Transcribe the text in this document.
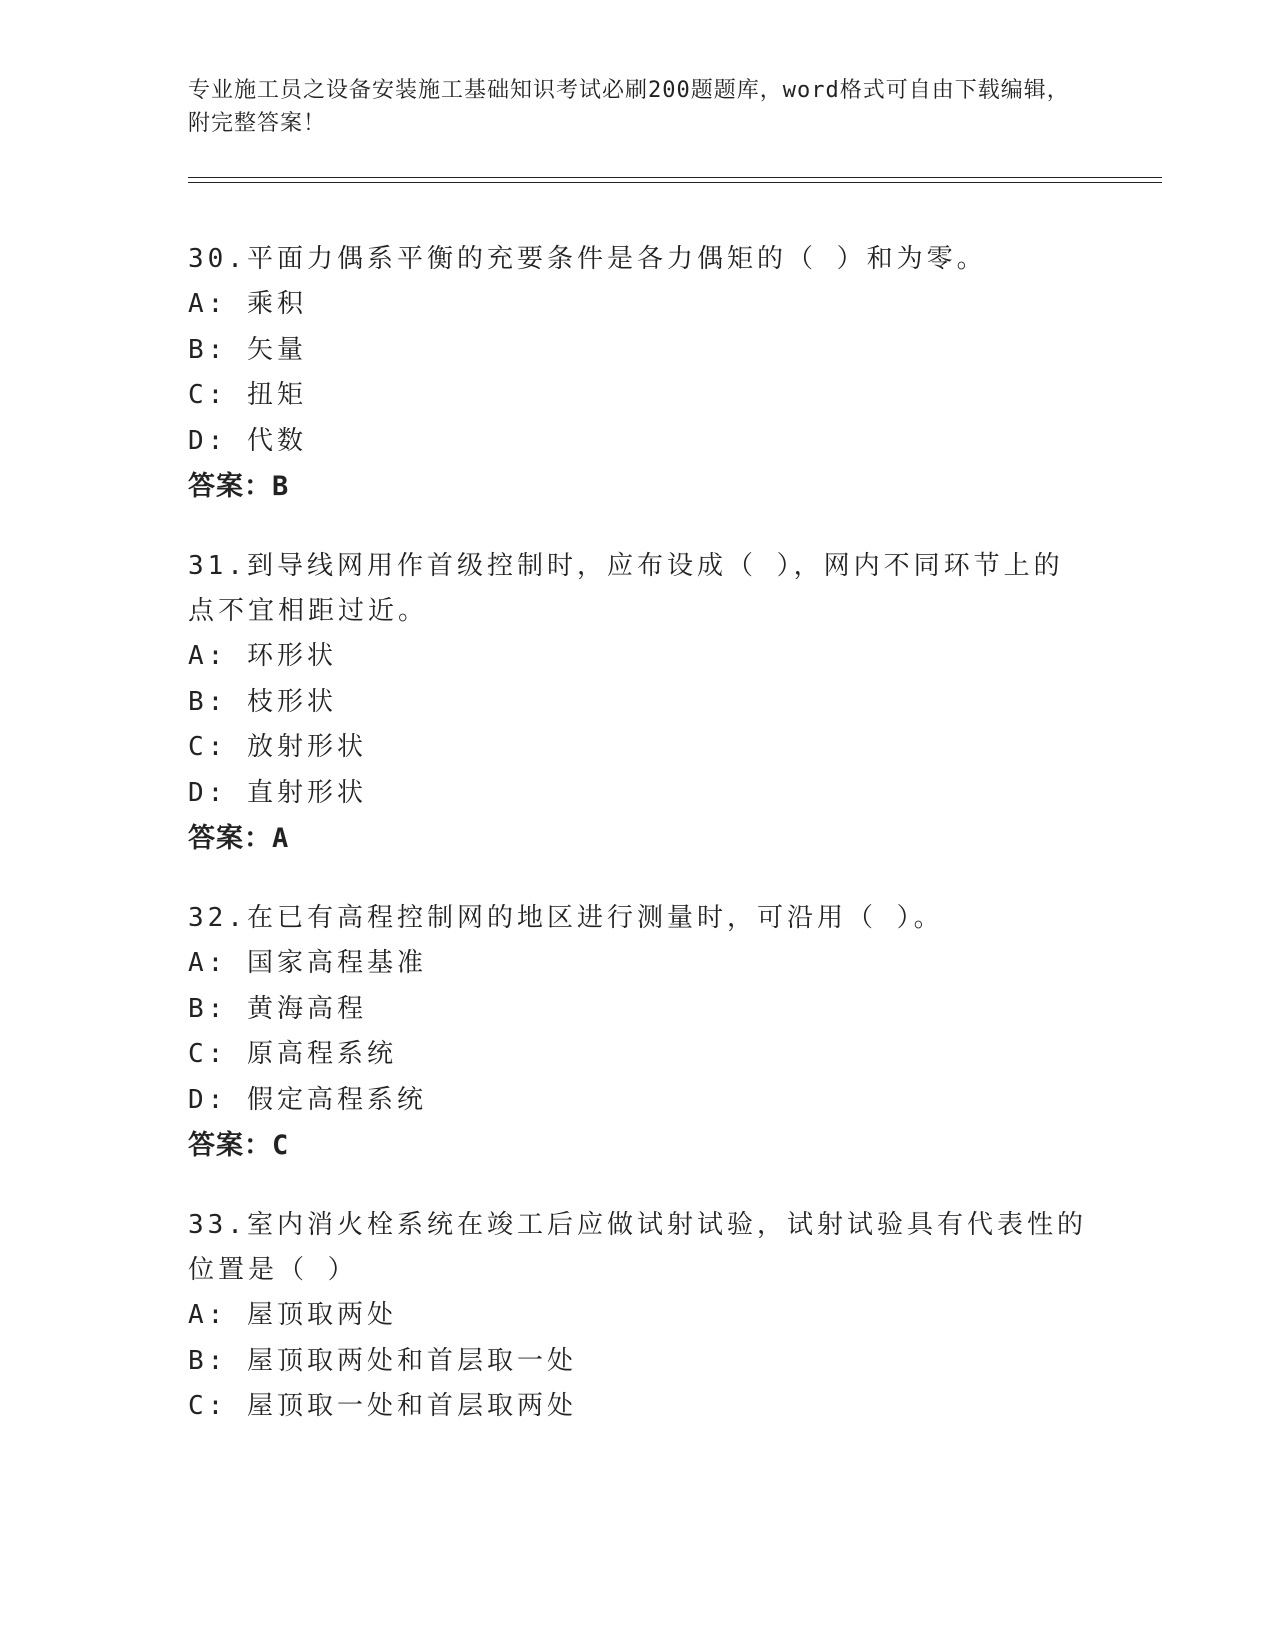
专业施工员之设备安装施工基础知识考试必刷200题题库，word格式可自由下载编辑，附完整答案！
30.平面力偶系平衡的充要条件是各力偶矩的（ ）和为零。
A: 乘积
B: 矢量
C: 扭矩
D: 代数
答案：B
31.到导线网用作首级控制时，应布设成（ ），网内不同环节上的点不宜相距过近。
A: 环形状
B: 枝形状
C: 放射形状
D: 直射形状
答案：A
32.在已有高程控制网的地区进行测量时，可沿用（ ）。
A: 国家高程基准
B: 黄海高程
C: 原高程系统
D: 假定高程系统
答案：C
33.室内消火栓系统在竣工后应做试射试验，试射试验具有代表性的位置是（ ）
A: 屋顶取两处
B: 屋顶取两处和首层取一处
C: 屋顶取一处和首层取两处
